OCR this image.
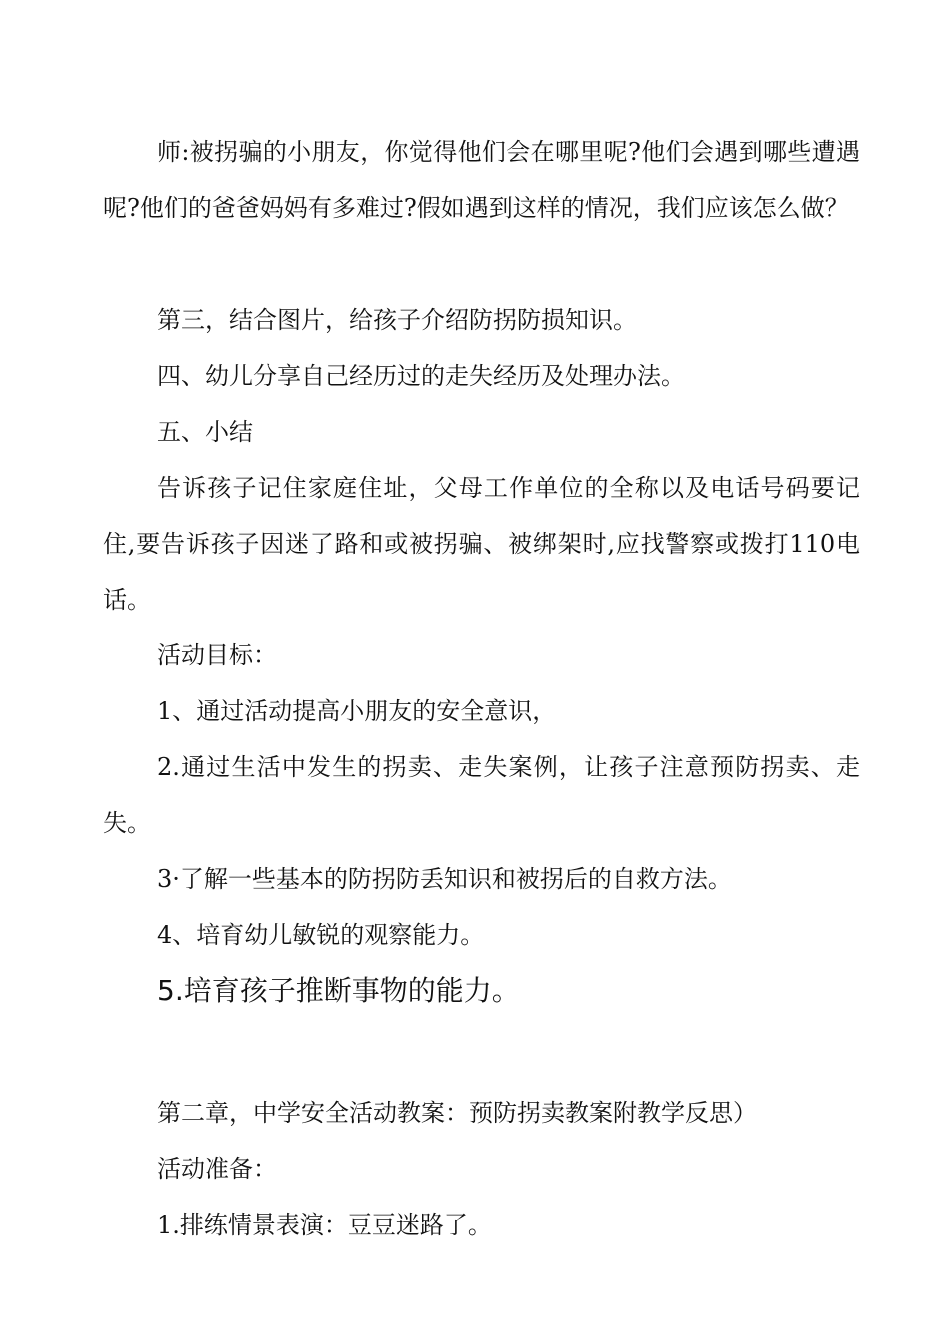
师:被拐骗的小朋友，你觉得他们会在哪里呢?他们会遇到哪些遭遇呢?他们的爸爸妈妈有多难过?假如遇到这样的情况，我们应该怎么做？

第三，结合图片，给孩子介绍防拐防损知识。

四、幼儿分享自己经历过的走失经历及处理办法。

五、小结

告诉孩子记住家庭住址，父母工作单位的全称以及电话号码要记住,要告诉孩子因迷了路和或被拐骗、被绑架时,应找警察或拨打110电话。

活动目标：

1、通过活动提高小朋友的安全意识，

2.通过生活中发生的拐卖、走失案例，让孩子注意预防拐卖、走失。

3·了解一些基本的防拐防丢知识和被拐后的自救方法。

4、培育幼儿敏锐的观察能力。

5.培育孩子推断事物的能力。

第二章，中学安全活动教案：预防拐卖教案附教学反思）

活动准备：

1.排练情景表演：豆豆迷路了。
